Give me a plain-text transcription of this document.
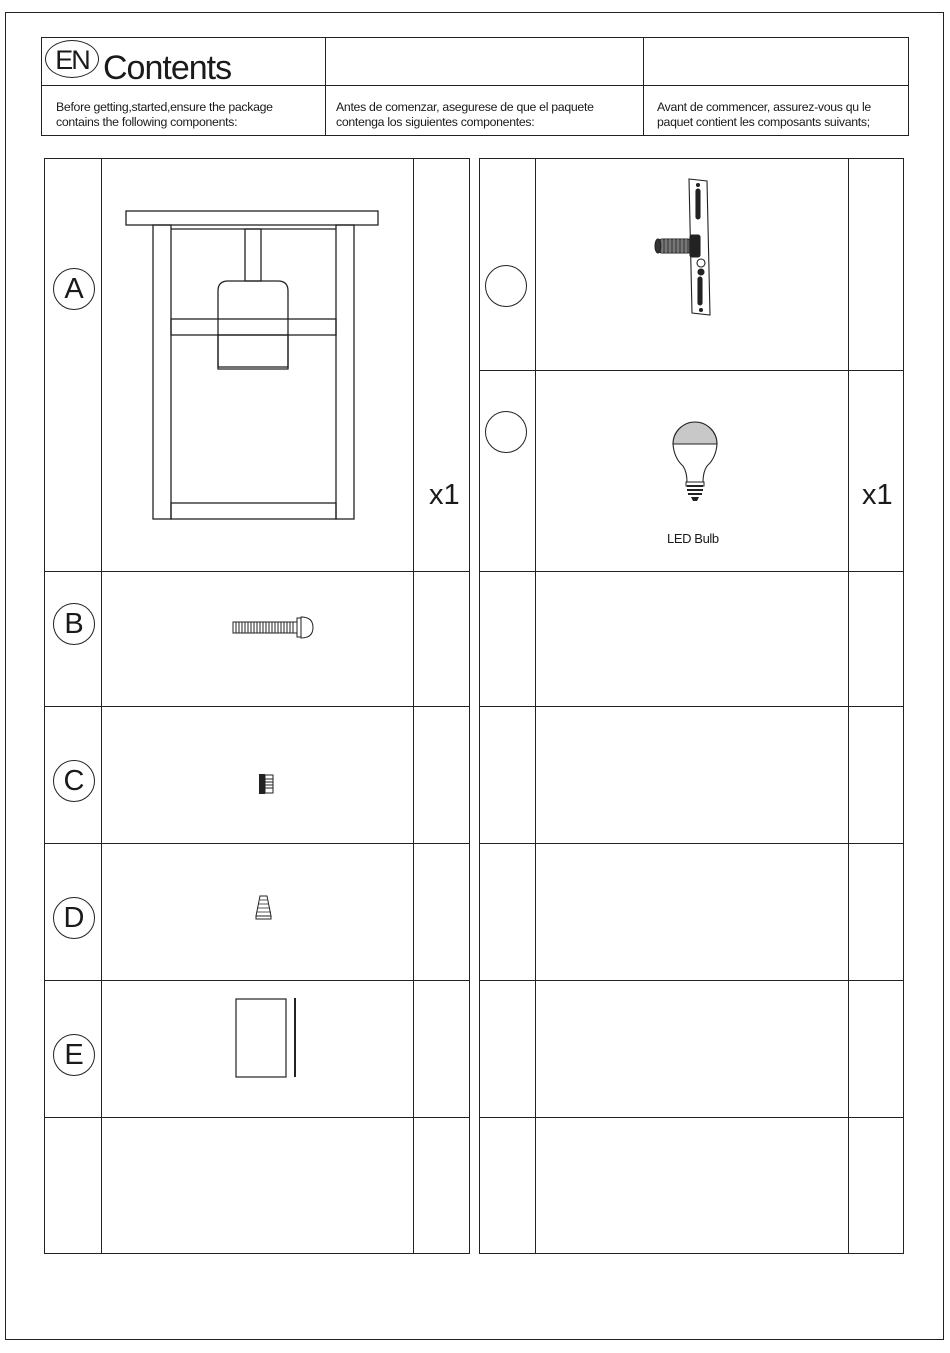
EN Contents
Before getting,started,ensure the package
contains the following components:
Antes de comenzar, asegurese de que el paquete
contenga los siguientes componentes:
Avant de commencer, assurez-vous qu le
paquet contient les composants suivants;
A
x1
B
C
D
E
LED Bulb
x1
